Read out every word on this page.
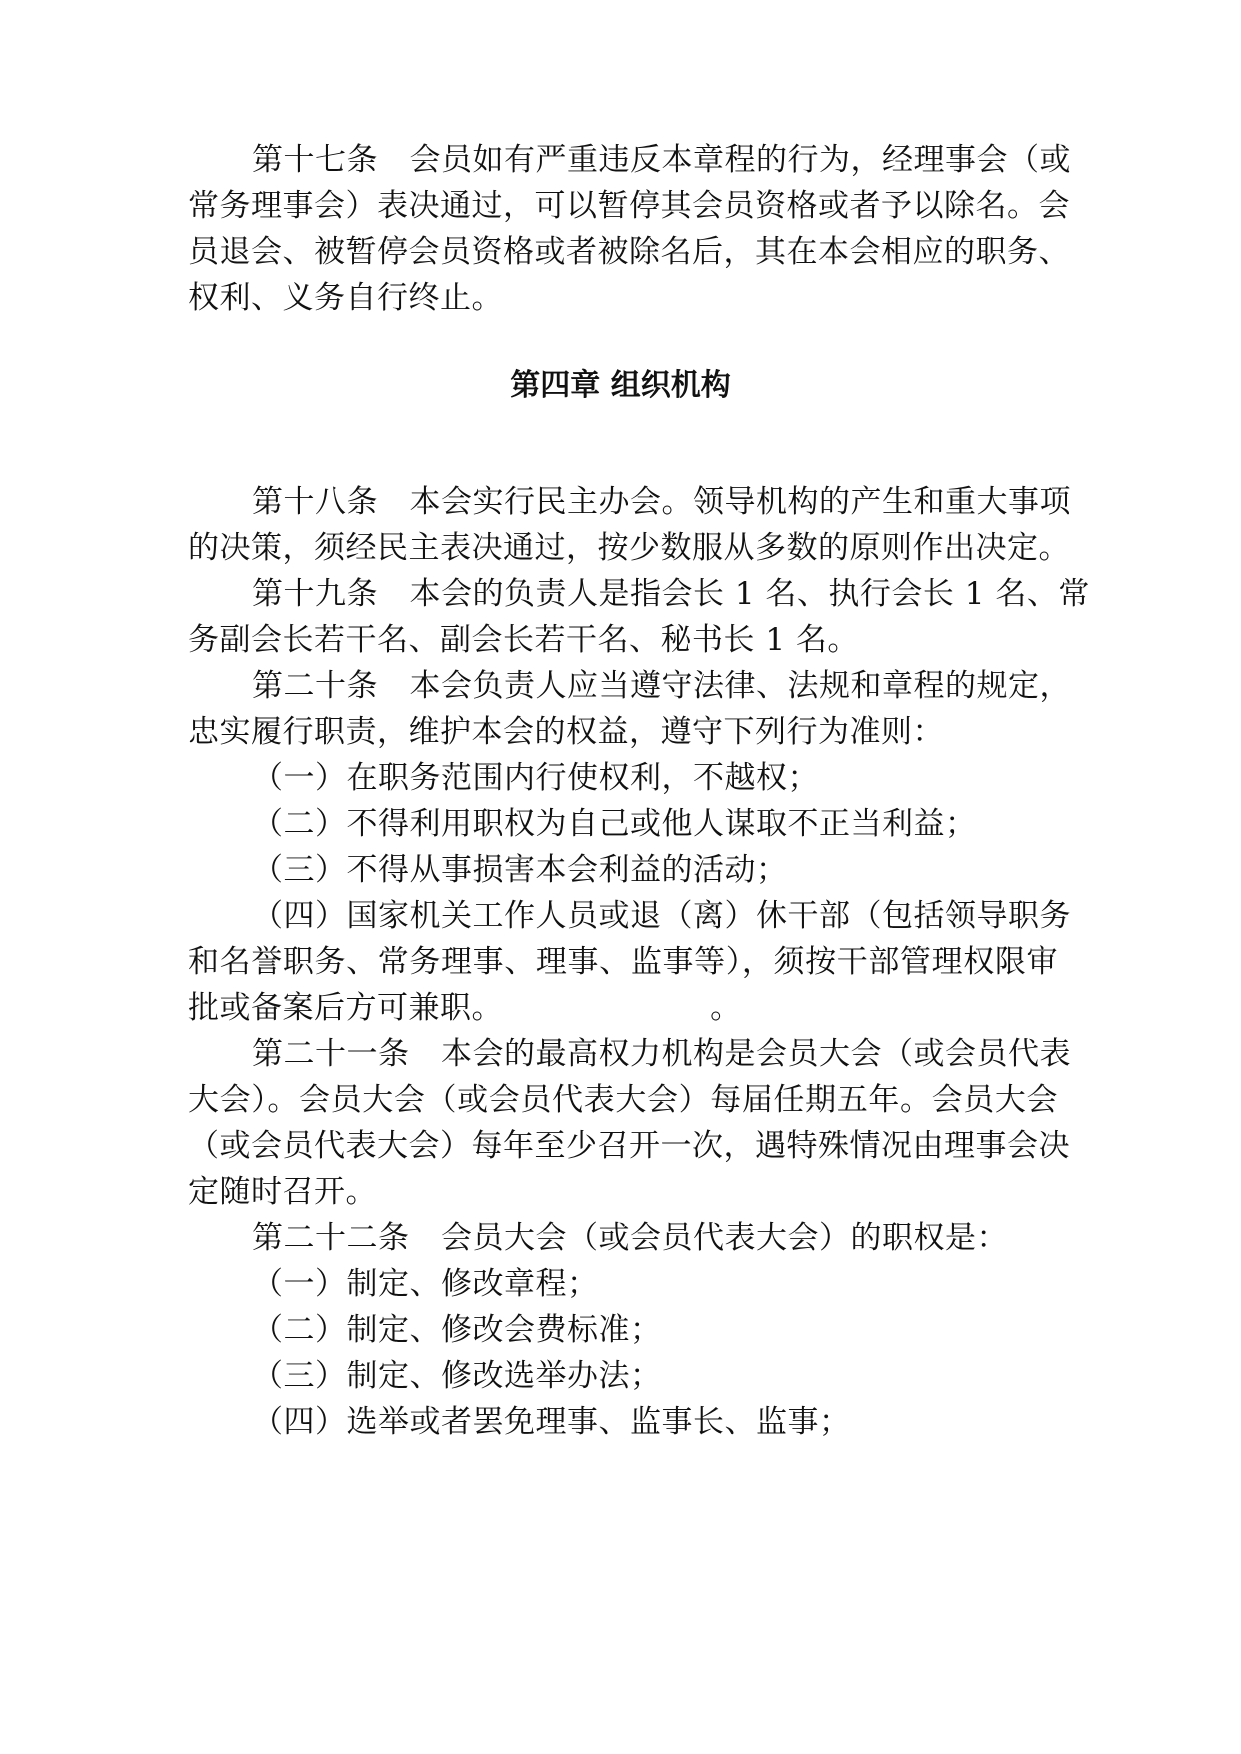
第十七条　会员如有严重违反本章程的行为，经理事会（或
常务理事会）表决通过，可以暂停其会员资格或者予以除名。会
员退会、被暂停会员资格或者被除名后，其在本会相应的职务、
权利、义务自行终止。
第四章 组织机构
第十八条　本会实行民主办会。领导机构的产生和重大事项
的决策，须经民主表决通过，按少数服从多数的原则作出决定。
第十九条　本会的负责人是指会长 1 名、执行会长 1 名、常
务副会长若干名、副会长若干名、秘书长 1 名。
第二十条　本会负责人应当遵守法律、法规和章程的规定，
忠实履行职责，维护本会的权益，遵守下列行为准则：
（一）在职务范围内行使权利，不越权；
（二）不得利用职权为自己或他人谋取不正当利益；
（三）不得从事损害本会利益的活动；
（四）国家机关工作人员或退（离）休干部（包括领导职务
和名誉职务、常务理事、理事、监事等），须按干部管理权限审
批或备案后方可兼职。                    。
第二十一条　本会的最高权力机构是会员大会（或会员代表
大会）。会员大会（或会员代表大会）每届任期五年。会员大会
（或会员代表大会）每年至少召开一次，遇特殊情况由理事会决
定随时召开。
第二十二条　会员大会（或会员代表大会）的职权是：
（一）制定、修改章程；
（二）制定、修改会费标准；
（三）制定、修改选举办法；
（四）选举或者罢免理事、监事长、监事；
